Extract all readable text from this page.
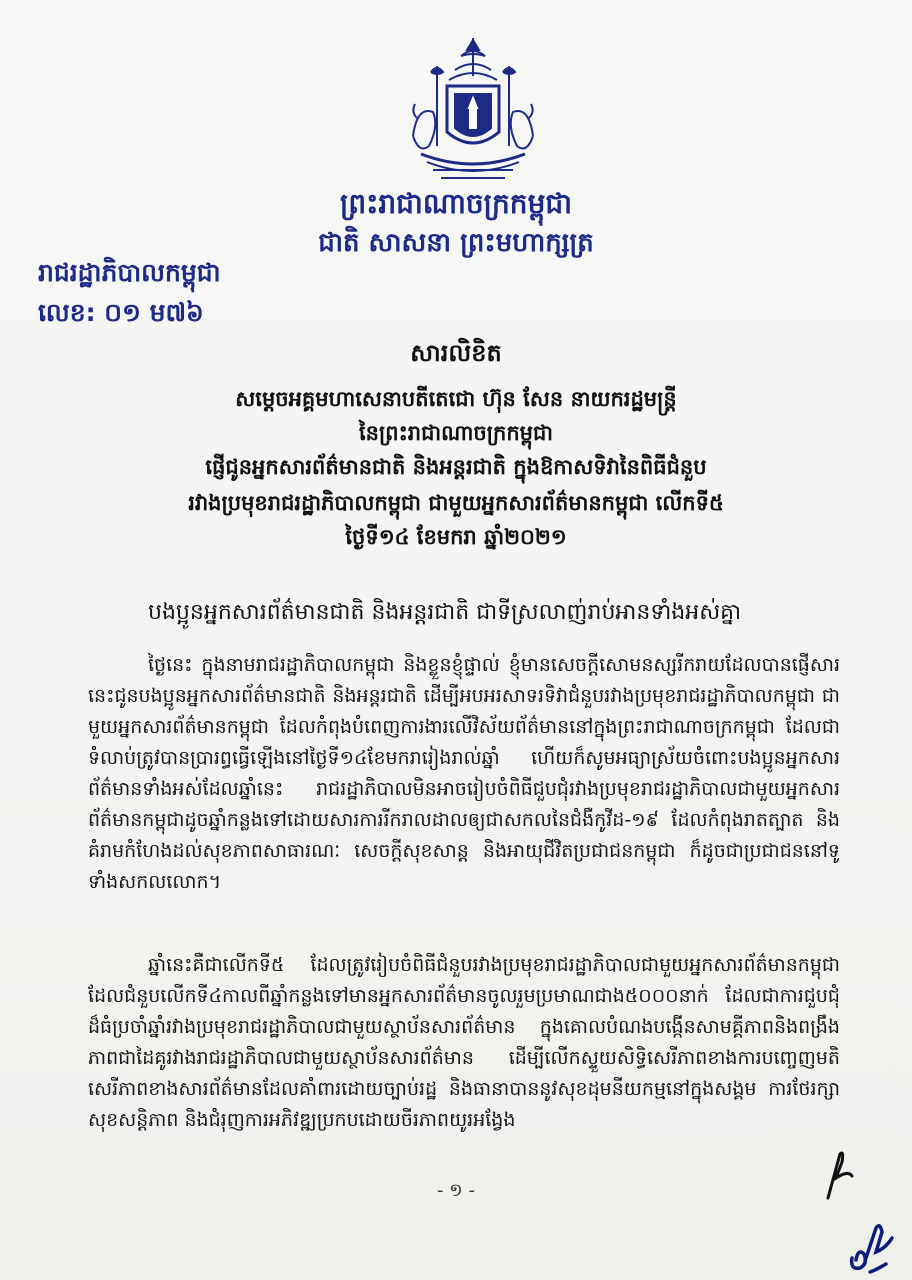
ព្រះរាជាណាចក្រកម្ពុជា
ជាតិ សាសនា ព្រះមហាក្សត្រ
រាជរដ្ឋាភិបាលកម្ពុជា
លេខ: ០១ ម៧៦
សារលិខិត
សម្តេចអគ្គមហាសេនាបតីតេជោ ហ៊ុន សែន នាយករដ្ឋមន្ត្រី
នៃព្រះរាជាណាចក្រកម្ពុជា
ផ្ញើជូនអ្នកសារព័ត៌មានជាតិ និងអន្តរជាតិ ក្នុងឱកាសទិវានៃពិធីជំនួប
រវាងប្រមុខរាជរដ្ឋាភិបាលកម្ពុជា ជាមួយអ្នកសារព័ត៌មានកម្ពុជា លើកទី៥
ថ្ងៃទី១៤ ខែមករា ឆ្នាំ២០២១
បងប្អូនអ្នកសារព័ត៌មានជាតិ និងអន្តរជាតិ ជាទីស្រលាញ់រាប់អានទាំងអស់គ្នា
ថ្ងៃនេះ ក្នុងនាមរាជរដ្ឋាភិបាលកម្ពុជា និងខ្លួនខ្ញុំផ្ទាល់ ខ្ញុំមានសេចក្តីសោមនស្សរីករាយដែលបានផ្ញើសារនេះជូនបងប្អូនអ្នកសារព័ត៌មានជាតិ និងអន្តរជាតិ ដើម្បីអបអរសាទរទិវាជំនួបរវាងប្រមុខរាជរដ្ឋាភិបាលកម្ពុជា ជាមួយអ្នកសារព័ត៌មានកម្ពុជា ដែលកំពុងបំពេញការងារលើវិស័យព័ត៌មាននៅក្នុងព្រះរាជាណាចក្រកម្ពុជា ដែលជាទំលាប់ត្រូវបានប្រារព្ធធ្វើឡើងនៅថ្ងៃទី១៤ខែមករារៀងរាល់ឆ្នាំ ហើយក៏សូមអធ្យាស្រ័យចំពោះបងប្អូនអ្នកសារព័ត៌មានទាំងអស់ដែលឆ្នាំនេះ រាជរដ្ឋាភិបាលមិនអាចរៀបចំពិធីជួបជុំរវាងប្រមុខរាជរដ្ឋាភិបាលជាមួយអ្នកសារព័ត៌មានកម្ពុជាដូចឆ្នាំកន្លងទៅដោយសារការរីករាលដាលឲ្យជាសកលនៃជំងឺកូវីដ-១៩ ដែលកំពុងរាតត្បាត និងគំរាមកំហែងដល់សុខភាពសាធារណៈ សេចក្តីសុខសាន្ត និងអាយុជីវិតប្រជាជនកម្ពុជា ក៏ដូចជាប្រជាជននៅទូទាំងសកលលោក។
ឆ្នាំនេះគឺជាលើកទី៥ ដែលត្រូវរៀបចំពិធីជំនួបរវាងប្រមុខរាជរដ្ឋាភិបាលជាមួយអ្នកសារព័ត៌មានកម្ពុជា ដែលជំនួបលើកទី៤កាលពីឆ្នាំកន្លងទៅមានអ្នកសារព័ត៌មានចូលរួមប្រមាណជាង៥០០០នាក់ ដែលជាការជួបជុំដ៏ធំប្រចាំឆ្នាំរវាងប្រមុខរាជរដ្ឋាភិបាលជាមួយស្ថាប័នសារព័ត៌មាន ក្នុងគោលបំណងបង្កើនសាមគ្គីភាពនិងពង្រឹងភាពជាដៃគូរវាងរាជរដ្ឋាភិបាលជាមួយស្ថាប័នសារព័ត៌មាន ដើម្បីលើកស្ទួយសិទ្ធិសេរីភាពខាងការបញ្ចេញមតិ សេរីភាពខាងសារព័ត៌មានដែលគាំពារដោយច្បាប់រដ្ឋ និងធានាបាននូវសុខដុមនីយកម្មនៅក្នុងសង្គម ការថែរក្សាសុខសន្តិភាព និងជំរុញការអភិវឌ្ឍប្រកបដោយចីរភាពយូរអង្វែង
- ១ -
